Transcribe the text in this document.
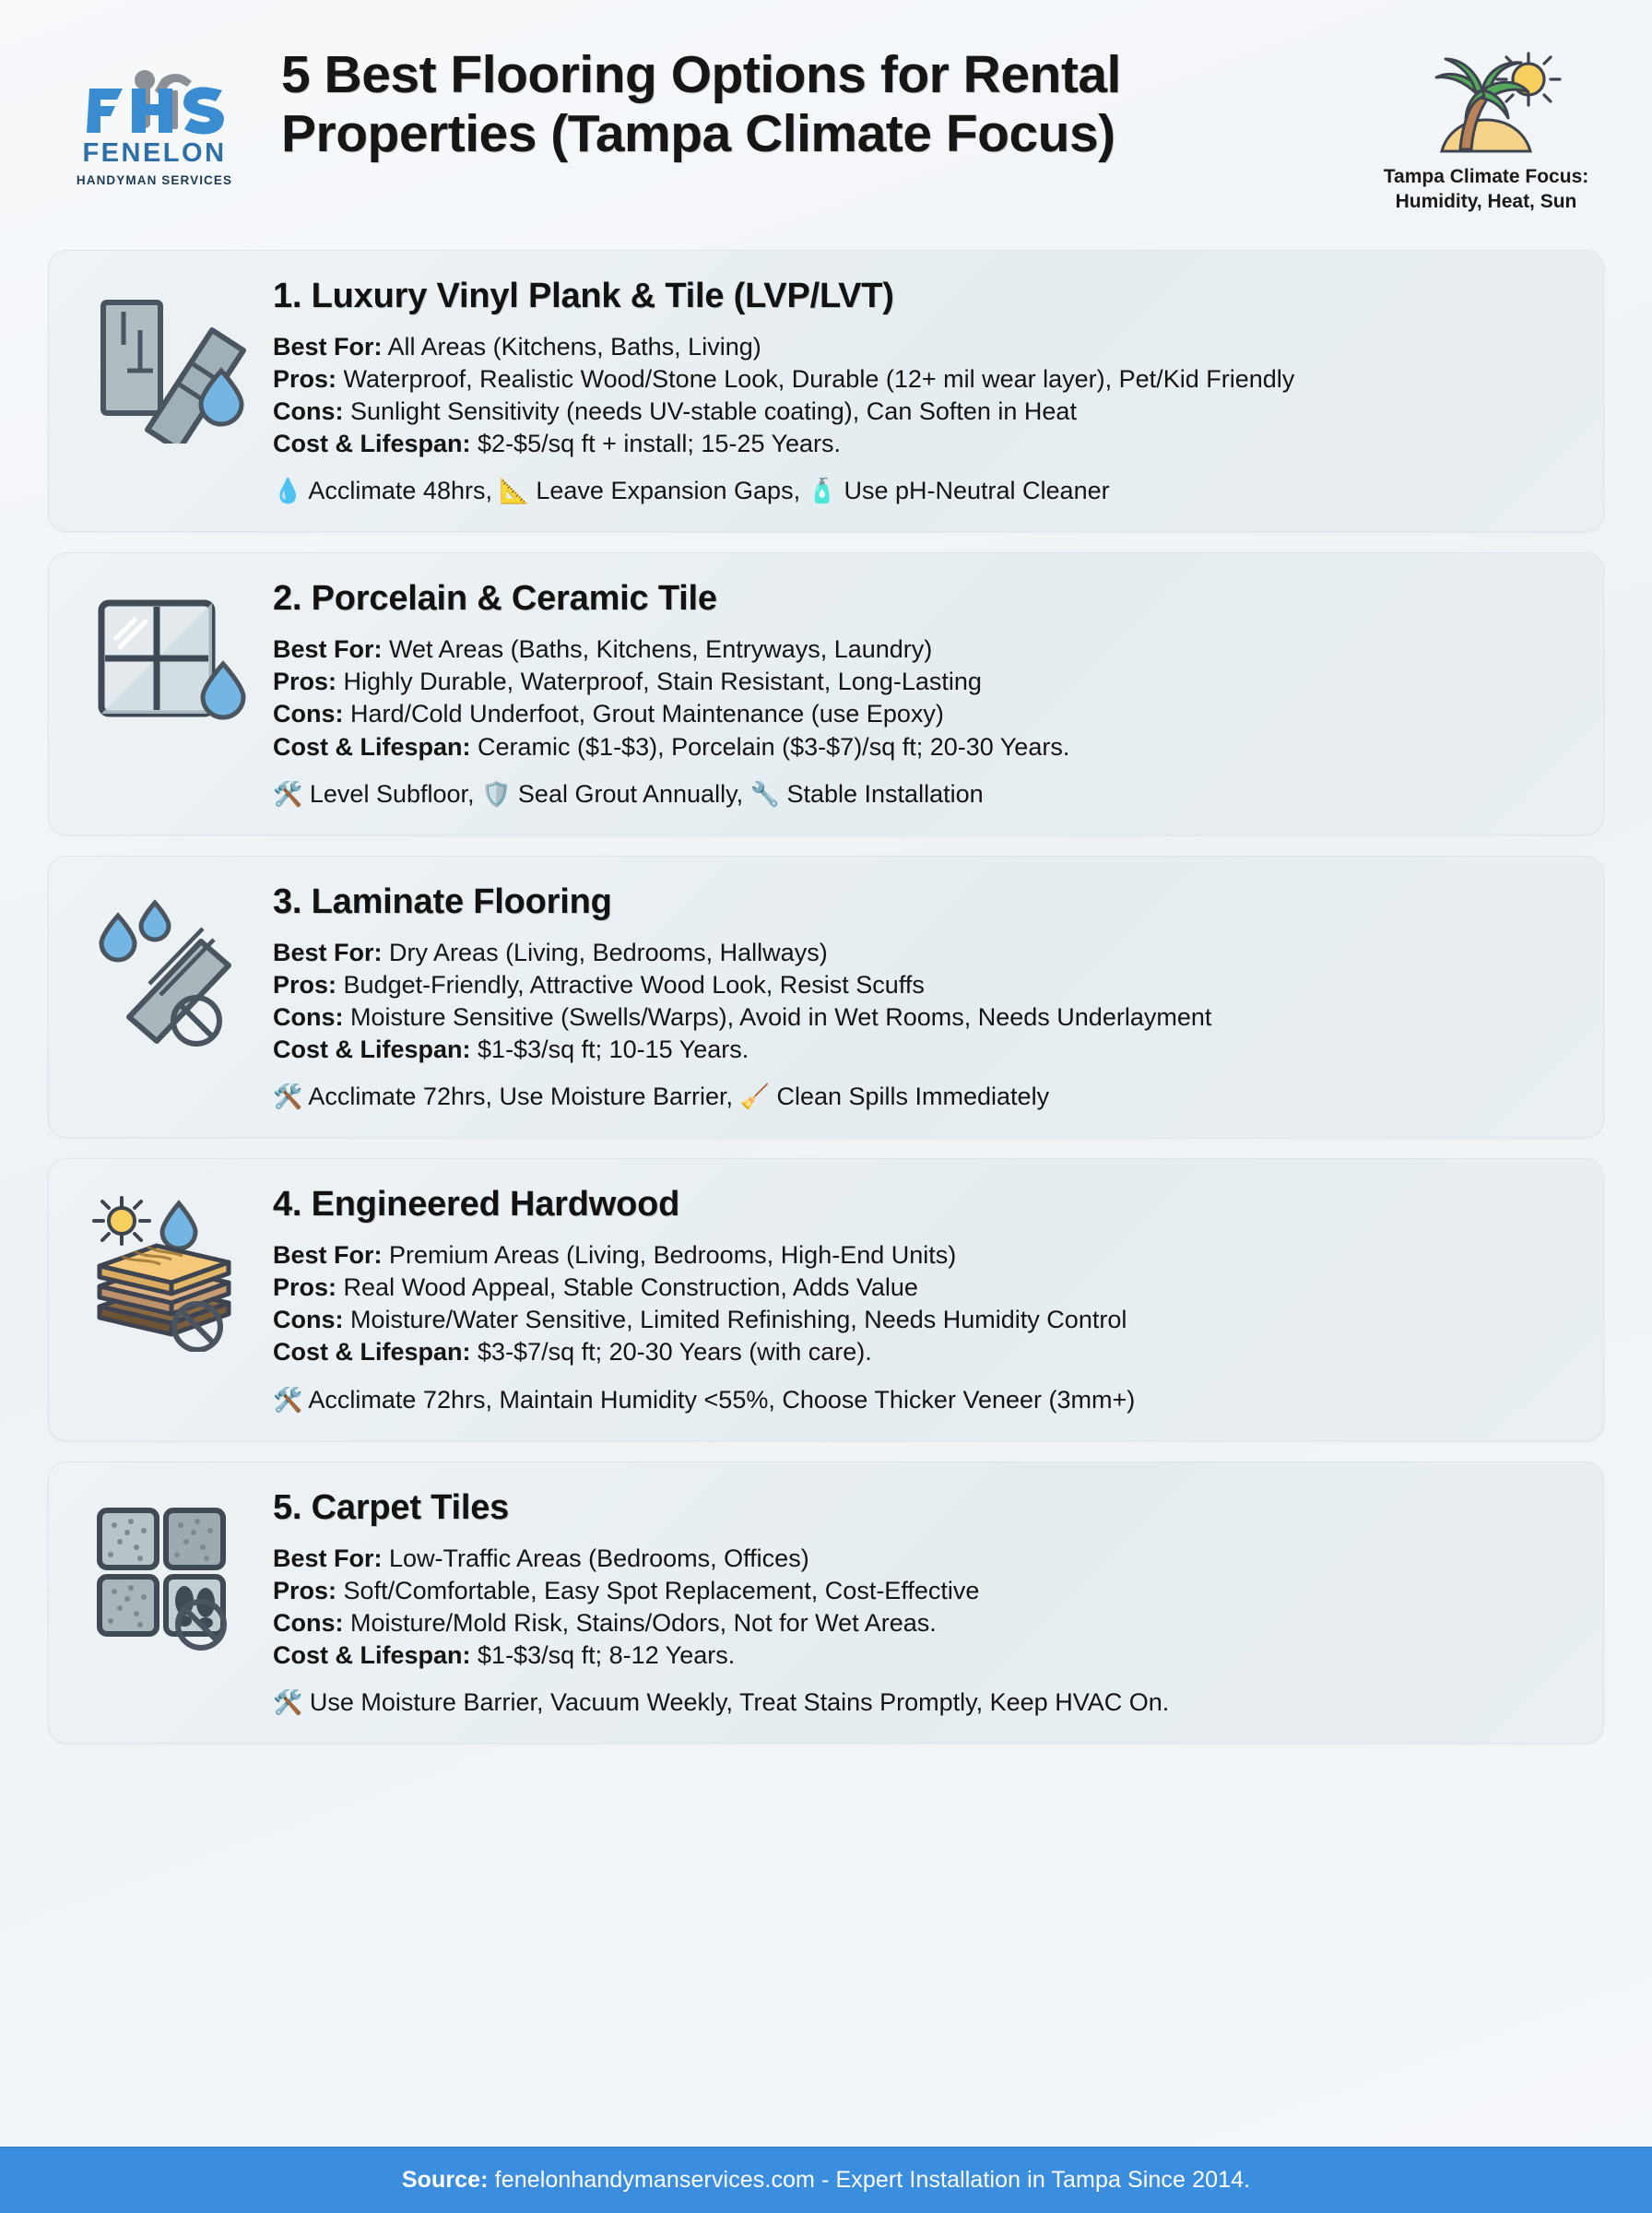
FENELON
HANDYMAN SERVICES
5 Best Flooring Options for Rental Properties (Tampa Climate Focus)
Tampa Climate Focus:
Humidity, Heat, Sun
1. Luxury Vinyl Plank & Tile (LVP/LVT)
Best For: All Areas (Kitchens, Baths, Living)
Pros: Waterproof, Realistic Wood/Stone Look, Durable (12+ mil wear layer), Pet/Kid Friendly
Cons: Sunlight Sensitivity (needs UV-stable coating), Can Soften in Heat
Cost & Lifespan: $2-$5/sq ft + install; 15-25 Years.
💧 Acclimate 48hrs, 📐 Leave Expansion Gaps, 🧴 Use pH-Neutral Cleaner
2. Porcelain & Ceramic Tile
Best For: Wet Areas (Baths, Kitchens, Entryways, Laundry)
Pros: Highly Durable, Waterproof, Stain Resistant, Long-Lasting
Cons: Hard/Cold Underfoot, Grout Maintenance (use Epoxy)
Cost & Lifespan: Ceramic ($1-$3), Porcelain ($3-$7)/sq ft; 20-30 Years.
🛠️ Level Subfloor, 🛡️ Seal Grout Annually, 🔧 Stable Installation
3. Laminate Flooring
Best For: Dry Areas (Living, Bedrooms, Hallways)
Pros: Budget-Friendly, Attractive Wood Look, Resist Scuffs
Cons: Moisture Sensitive (Swells/Warps), Avoid in Wet Rooms, Needs Underlayment
Cost & Lifespan: $1-$3/sq ft; 10-15 Years.
🛠️ Acclimate 72hrs, Use Moisture Barrier, 🧹 Clean Spills Immediately
4. Engineered Hardwood
Best For: Premium Areas (Living, Bedrooms, High-End Units)
Pros: Real Wood Appeal, Stable Construction, Adds Value
Cons: Moisture/Water Sensitive, Limited Refinishing, Needs Humidity Control
Cost & Lifespan: $3-$7/sq ft; 20-30 Years (with care).
🛠️ Acclimate 72hrs, Maintain Humidity <55%, Choose Thicker Veneer (3mm+)
5. Carpet Tiles
Best For: Low-Traffic Areas (Bedrooms, Offices)
Pros: Soft/Comfortable, Easy Spot Replacement, Cost-Effective
Cons: Moisture/Mold Risk, Stains/Odors, Not for Wet Areas.
Cost & Lifespan: $1-$3/sq ft; 8-12 Years.
🛠️ Use Moisture Barrier, Vacuum Weekly, Treat Stains Promptly, Keep HVAC On.
Source: fenelonhandymanservices.com - Expert Installation in Tampa Since 2014.
